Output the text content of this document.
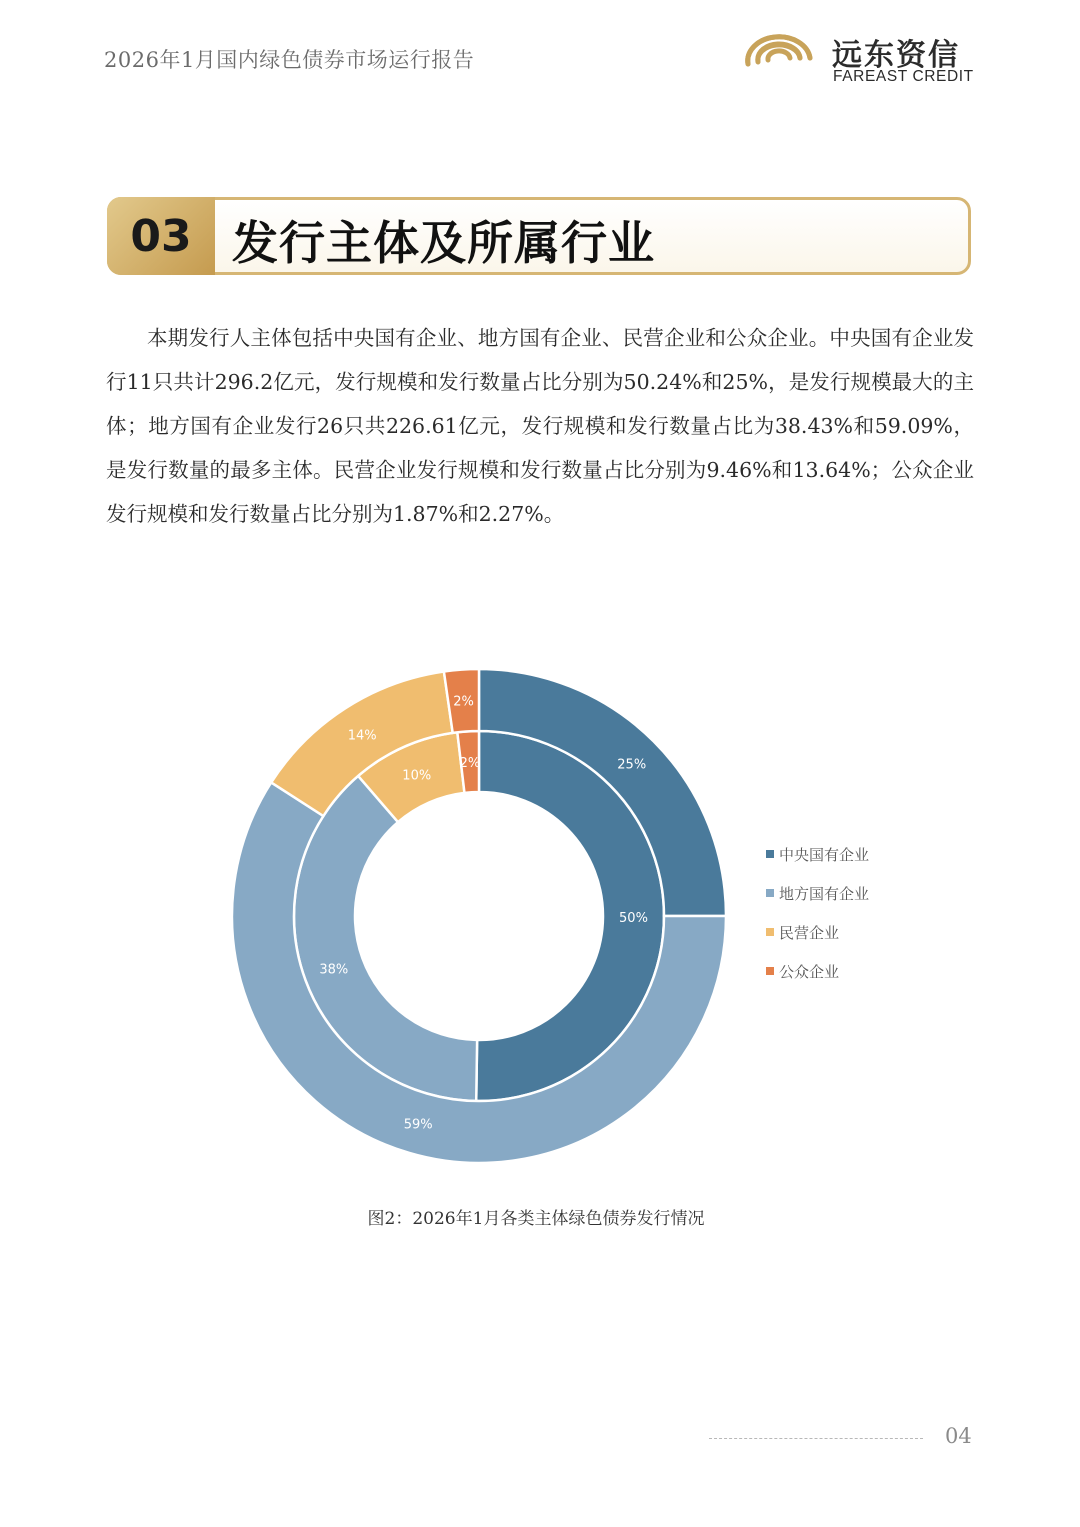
2026年1月国内绿色债券市场运行报告	远东资信
FAREAST CREDIT
03 发行主体及所属行业

本期发行人主体包括中央国有企业、地方国有企业、民营企业和公众企业。中央国有企业发行11只共计296.2亿元，发行规模和发行数量占比分别为50.24%和25%，是发行规模最大的主体；地方国有企业发行26只共226.61亿元，发行规模和发行数量占比为38.43%和59.09%，是发行数量的最多主体。民营企业发行规模和发行数量占比分别为9.46%和13.64%；公众企业发行规模和发行数量占比分别为1.87%和2.27%。

50%
38%
10%
2%	25%
59%
14%
2%
中央国有企业
地方国有企业
民营企业
公众企业
图2：2026年1月各类主体绿色债券发行情况
04
